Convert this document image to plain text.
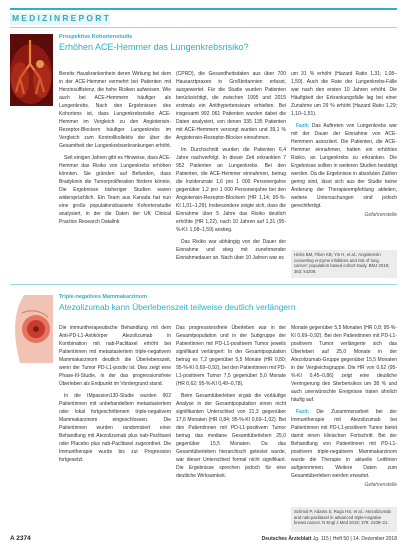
MEDIZINREPORT
Prospektive Kohortenstudie
Erhöhen ACE-Hemmer das Lungenkrebsrisiko?

Bereits Hauskrankenhein deren Wirkung bei dem in der ACE-Hemmer vermehrt bei Patienten mit Herzinsuffizienz, die hohe Risiken aufweisen. Wie auch bei ACE-Hemmern häufiger als Lungenkrebs. Nach den Ergebnissen des Kohortens ist, dass Lungenkrebsrisiko ACE-Hemmer im Vergleich zu den Angiotensin-Rezeptor-Blockern häufiger Lungenkrebs im Vergleich zum Kontrollkollektiv der über die Gesamtheit der Lungenkrebserkrankungen erhöht.

Seit einigen Jahren gibt es Hinweise, dass ACE-Hemmer das Risiko von Lungenkrebs erhöhen könnten. Sie gründen auf Befunden, dass Bradykinin die Tumorproliferation fördern könnte. Die Ergebnisse bisheriger Studien waren widersprüchlich. Ein Team aus Kanada hat nun eine große populationsbasierte Kohortenstudie analysiert, in der die Daten der UK Clinical Practice Research Datalink

(CPRD), die Gesundheitsdaten aus über 700 Hausarztpraxen in Großbritannien erfasst, ausgewertet. Für die Studie wurden Patienten berücksichtigt, die zwischen 1995 und 2015 erstmals ein Antihypertensivum erhielten. Bei insgesamt 992 061 Patienten wurden dabei die Daten analysiert, von denen 335 135 Patienten mit ACE-Hemmern versorgt wurden und 39,1 % Angiotensin-Rezeptor-Blocker einnahmen.

Im Durchschnitt wurden die Patienten 6,4 Jahre nachverfolgt. In dieser Zeit erkrankten 7 952 Patienten an Lungenkrebs. Bei den Patienten, die ACE-Hemmer einnahmen, betrug die Inzidenzrate 1,6 pro 1 000 Personenjahre gegenüber 1,2 pro 1 000 Personenjahre bei den Angiotensin-Rezeptor-Blockern (HR 1,14; 95-%-KI 1,01–1,29). Insbesondere zeigte sich, dass die Einnahme über 5 Jahre das Risiko deutlich erhöhte (HR 1,22), nach 10 Jahren auf 1,31 (95-%-KI: 1,08–1,59) anstieg.

Das Risiko war abhängig von der Dauer der Einnahme und stieg mit zunehmender Einnahmedauer an. Nach über 10 Jahren war es

um 31 % erhöht (Hazard Ratio 1,31; 1,08–1,59). Auch die Rate der Lungenkrebs-Fälle war nach den ersten 10 Jahren erhöht. Die Häufigkeit der Erkrankungsfälle lag bei einer Zunahme um 29 % erhöht (Hazard Ratio 1,29; 1,10–1,51).

Fazit: Das Auftreten von Lungenkrebs war mit der Dauer der Einnahme von ACE-Hemmern assoziiert. Die Patienten, die ACE-Hemmer einnahmen, hatten ein erhöhtes Risiko, an Lungenkrebs zu erkranken. Die Ergebnisse sollten in weiteren Studien bestätigt werden. Da die Ergebnisse in absoluten Zahlen gering sind, lässt sich aus der Studie keine Änderung der Therapieempfehlung ableiten, weitere Untersuchungen sind jedoch gerechtfertigt.
Gefahrenstelle

Hicks BM, Filion KB, Yin H, et al.: Angiotensin converting enzyme inhibitors and risk of lung cancer: population based cohort study. BMJ 2018; 363: k4209.
Triple-negatives Mammakarzinom
Atezolizumab kann Überlebenszeit teilweise deutlich verlängern

Die immuntherapeutische Behandlung mit dem Anti-PD-L1-Antikörper Atezolizumab in Kombination mit nab-Paclitaxel erhöht bei Patientinnen mit metastasiertem triple-negativem Mammakarzinom deutlich die Überlebenszeit, wenn der Tumor PD-L1-positiv ist. Dies zeigt eine Phase-III-Studie, in der das progressionsfreie Überleben als Endpunkt im Vordergrund stand.

In die IMpassion130-Studie wurden 902 Patientinnen mit unbehandeltem metastasiertem oder lokal fortgeschrittenem triple-negativem Mammakarzinom eingeschlossen. Die Patientinnen wurden randomisiert einer Behandlung mit Atezolizumab plus nab-Paclitaxel oder Placebo plus nab-Paclitaxel zugeordnet. Die Immuntherapie wurde bis zur Progression fortgesetzt.

Das progressionsfreie Überleben war in der Gesamtpopulation und in der Subgruppe der Patientinnen mit PD-L1-positivem Tumor jeweils signifikant verlängert: In der Gesamtpopulation betrug es 7,2 gegenüber 5,5 Monate (HR 0,80; 95-%-KI 0,69–0,92), bei den Patientinnen mit PD-L1-positivem Tumor 7,5 gegenüber 5,0 Monate (HR 0,62; 95-%-KI 0,49–0,78).

Beim Gesamtüberleben ergab die vorläufige Analyse in der Gesamtpopulation einen nicht signifikanten Unterschied von 21,3 gegenüber 17,6 Monaten (HR 0,84; 95-%-KI 0,69–1,02). Bei den Patientinnen mit PD-L1-positivem Tumor betrug das mediane Gesamtüberleben 25,0 gegenüber 15,5 Monaten. Da das Gesamtüberleben hierarchisch getestet wurde, war dieser Unterschied formal nicht signifikant. Die Ergebnisse sprechen jedoch für eine deutliche Wirksamkeit.

Monate gegenüber 5,5 Monaten (HR 0,8; 95-%-KI 0,69–0,92). Bei den Patientinnen mit PD-L1-positivem Tumor verlängerte sich das Überleben auf 25,0 Monate in der Atezolizumab-Gruppe gegenüber 15,5 Monaten in der Vergleichsgruppe. Die HR von 0,62 (95-%-KI 0,45–0,86) zeigt eine deutliche Verringerung des Sterberisikos um 38 % und auch unerwünschte Ereignisse traten ähnlich häufig auf.

Fazit: Die Zusammenarbeit bei der Immuntherapie mit Atezolizumab bei Patientinnen mit PD-L1-positivem Tumor bietet damit einen klinischen Fortschritt. Bei der Behandlung von Patientinnen mit PD-L1-positivem triple-negativem Mammakarzinom wurde die Therapie in aktuelle Leitlinien aufgenommen. Weitere Daten zum Gesamtüberleben werden erwartet.
Gefahrenstelle

Schmid P, Adams S, Rugo HS, et al.: Atezolizumab and nab-paclitaxel in advanced triple-negative breast cancer. N Engl J Med 2018; 379: 2108–21.
A 2374	Deutsches Ärzteblatt Jg. 115 | Heft 50 | 14. Dezember 2018
